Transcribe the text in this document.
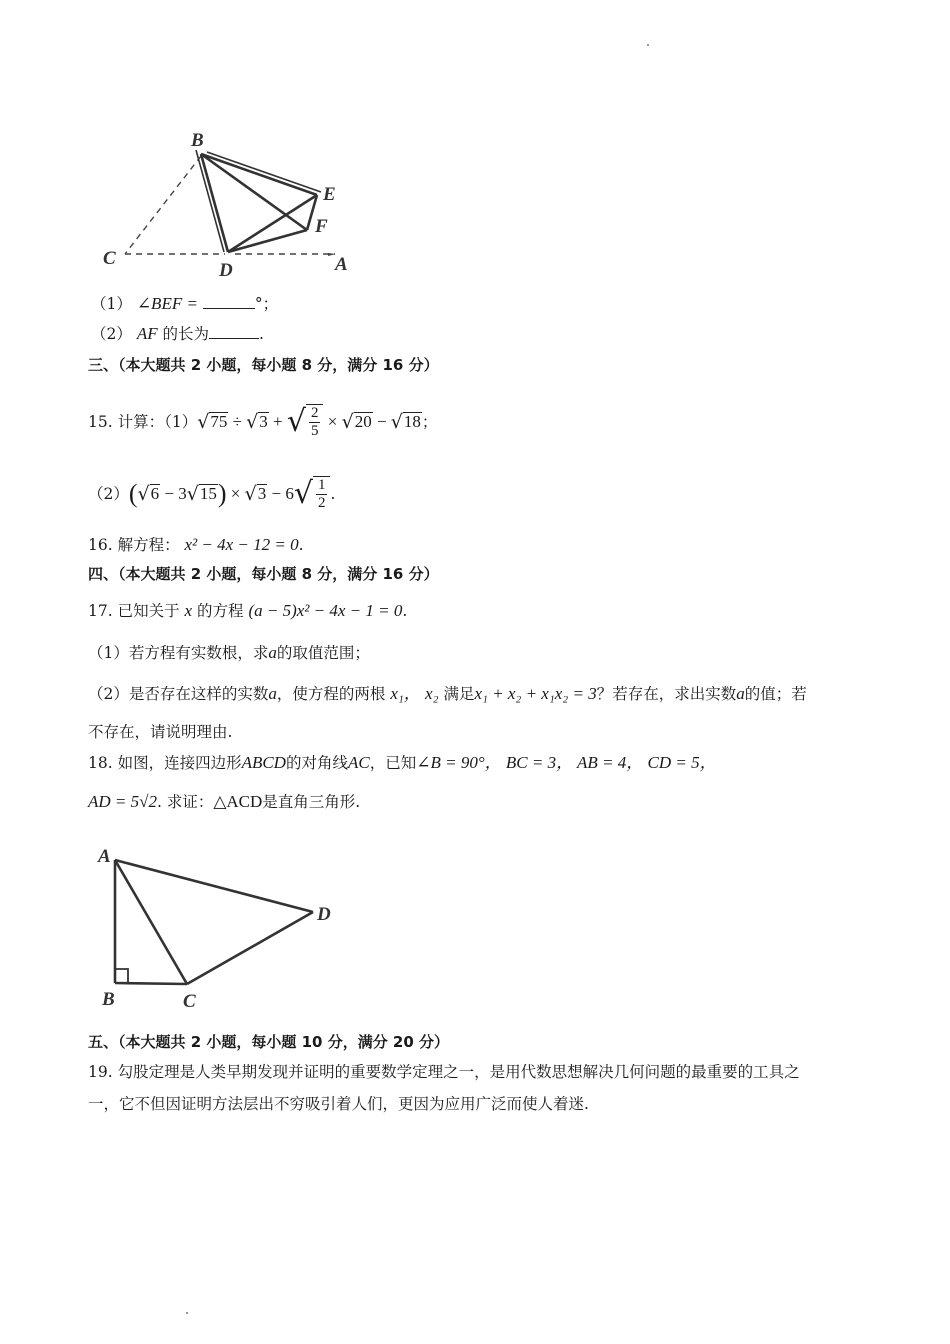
B
E
F
C
D	A
（1） ∠BEF =	°；
（2） AF 的长为	.
三、（本大题共 2 小题，每小题 8 分，满分 16 分）
15. 计算：（1） √ 75 ÷ √ 3 + √ $\frac{2}{5}$ × √ 20 − √ 18 ；
（2） ( √ 6 − 3 √ 15 ) × √ 3 − 6 √ $\frac{1}{2}$ .
16. 解方程： x² − 4x − 12 = 0.
四、（本大题共 2 小题，每小题 8 分，满分 16 分）
17. 已知关于 x 的方程 (a − 5)x² − 4x − 1 = 0.
（1）若方程有实数根，求a的取值范围；
（2）是否存在这样的实数a，使方程的两根 x₁， x₂ 满足x₁ + x₂ + x₁x₂ = 3？若存在，求出实数a的值；若
不存在，请说明理由.
18. 如图，连接四边形ABCD的对角线AC，已知∠B = 90°， BC = 3， AB = 4， CD = 5，
AD = 5√2. 求证：△ACD是直角三角形.
A
D
B	C
五、（本大题共 2 小题，每小题 10 分，满分 20 分）
19. 勾股定理是人类早期发现并证明的重要数学定理之一，是用代数思想解决几何问题的最重要的工具之
一，它不但因证明方法层出不穷吸引着人们，更因为应用广泛而使人着迷.
